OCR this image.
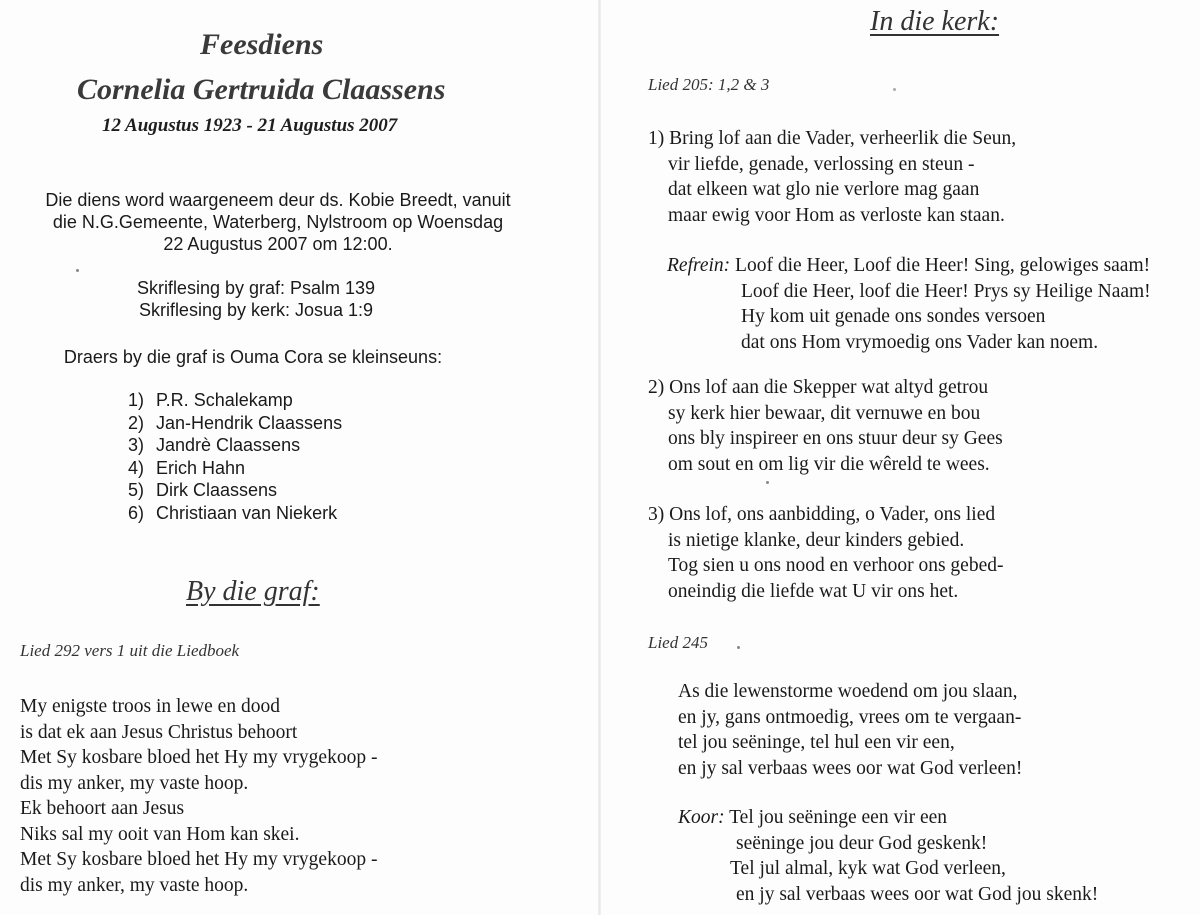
Feesdiens
Cornelia Gertruida Claassens
12 Augustus 1923 - 21 Augustus 2007
Die diens word waargeneem deur ds. Kobie Breedt, vanuit
die N.G.Gemeente, Waterberg, Nylstroom op Woensdag
22 Augustus 2007 om 12:00.
Skriflesing by graf: Psalm 139
Skriflesing by kerk: Josua 1:9
Draers by die graf is Ouma Cora se kleinseuns:
1) P.R. Schalekamp
2) Jan-Hendrik Claassens
3) Jandrè Claassens
4) Erich Hahn
5) Dirk Claassens
6) Christiaan van Niekerk
By die graf:
Lied 292 vers 1 uit die Liedboek
My enigste troos in lewe en dood
is dat ek aan Jesus Christus behoort
Met Sy kosbare bloed het Hy my vrygekoop -
dis my anker, my vaste hoop.
Ek behoort aan Jesus
Niks sal my ooit van Hom kan skei.
Met Sy kosbare bloed het Hy my vrygekoop -
dis my anker, my vaste hoop.
In die kerk:
Lied 205: 1,2 & 3
1) Bring lof aan die Vader, verheerlik die Seun,
vir liefde, genade, verlossing en steun -
dat elkeen wat glo nie verlore mag gaan
maar ewig voor Hom as verloste kan staan.
Refrein: Loof die Heer, Loof die Heer! Sing, gelowiges saam!
Loof die Heer, loof die Heer! Prys sy Heilige Naam!
Hy kom uit genade ons sondes versoen
dat ons Hom vrymoedig ons Vader kan noem.
2) Ons lof aan die Skepper wat altyd getrou
sy kerk hier bewaar, dit vernuwe en bou
ons bly inspireer en ons stuur deur sy Gees
om sout en om lig vir die wêreld te wees.
3) Ons lof, ons aanbidding, o Vader, ons lied
is nietige klanke, deur kinders gebied.
Tog sien u ons nood en verhoor ons gebed-
oneindig die liefde wat U vir ons het.
Lied 245
As die lewenstorme woedend om jou slaan,
en jy, gans ontmoedig, vrees om te vergaan-
tel jou seëninge, tel hul een vir een,
en jy sal verbaas wees oor wat God verleen!
Koor: Tel jou seëninge een vir een
seëninge jou deur God geskenk!
Tel jul almal, kyk wat God verleen,
en jy sal verbaas wees oor wat God jou skenk!
